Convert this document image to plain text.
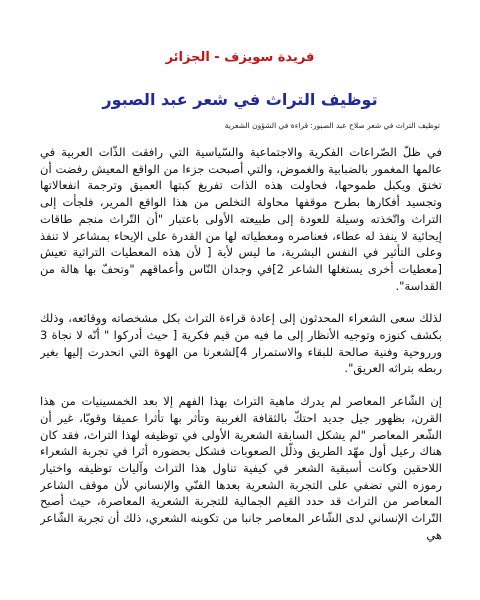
فريدة سويزف - الجزائر
توظيف التراث في شعر عبد الصبور
توظيف التراث في شعر صلاح عبد الصبور: قراءة في الشؤون الشعرية

في ظلّ الصّراعات الفكرية والاجتماعية والسّياسية التي رافقت الذّات العربية في عالمها المغمور بالضبابية والغموض، والتي أصبحت جزءا من الواقع المعيش رفضت أن تخنق ويكبل طموحها، فحاولت هذه الذات تفريغ كبتها العميق وترجمة انفعالاتها وتجسيد أفكارها بطرح موقفها محاولة التخلص من هذا الواقع المرير، فلجأت إلى التراث واتّخذته وسيلة للعودة إلى طبيعته الأولى باعتبار "أن التّراث منجم طاقات إيحائية لا ينفذ له عطاء، فعناصره ومعطياته لها من القدرة على الإيحاء بمشاعر لا تنفذ وعلى التأثير في النفس البشرية، ما ليس لأية [ لأن هذه المعطيات التراثية تعيش [معطيات أخرى يستغلها الشاعر 2]في وجدان النّاس وأعماقهم "وتحفّ بها هالة من القداسة".

لذلك سعى الشعراء المحدثون إلى إعادة قراءة التراث بكل مشخصاته ووقائعه، وذلك بكشف كنوزه وتوجيه الأنظار إلى ما فيه من قيم فكرية [ حيث أدركوا " أنّه لا نجاة 3 ورروحية وفنية صالحة للبقاء والاستمرار 4]لشعرنا من الهوة التي انحدرت إليها بغير ربطه بتراثه العريق".

إن الشّاعر المعاصر لم يدرك ماهية التراث بهذا الفهم إلا بعد الخمسينيات من هذا القرن، بظهور جيل جديد احتكّ بالثقافة الغربية وتأثر بها تأثرا عميقا وقويّا، غير أن الشّعر المعاصر "لم يشكل السابقة الشعرية الأولى في توظيفه لهذا التراث، فقد كان هناك رعيل أول مهّد الطريق وذلّل الصعوبات فشكل بحضوره أثرا في تجربة الشعراء اللاحقين وكانت أسبقية الشعر في كيفية تناول هذا التراث وآليات توظيفه واختيار رموزه التي تضفي على التجربة الشعرية بعدها الفنّي والإنساني لأن موقف الشاعر المعاصر من التراث قد حدد القيم الجمالية للتجربة الشعرية المعاصرة، حيث أصبح التّراث الإنساني لدى الشّاعر المعاصر جانبا من تكوينه الشعري، ذلك أن تجربة الشّاعر هي
